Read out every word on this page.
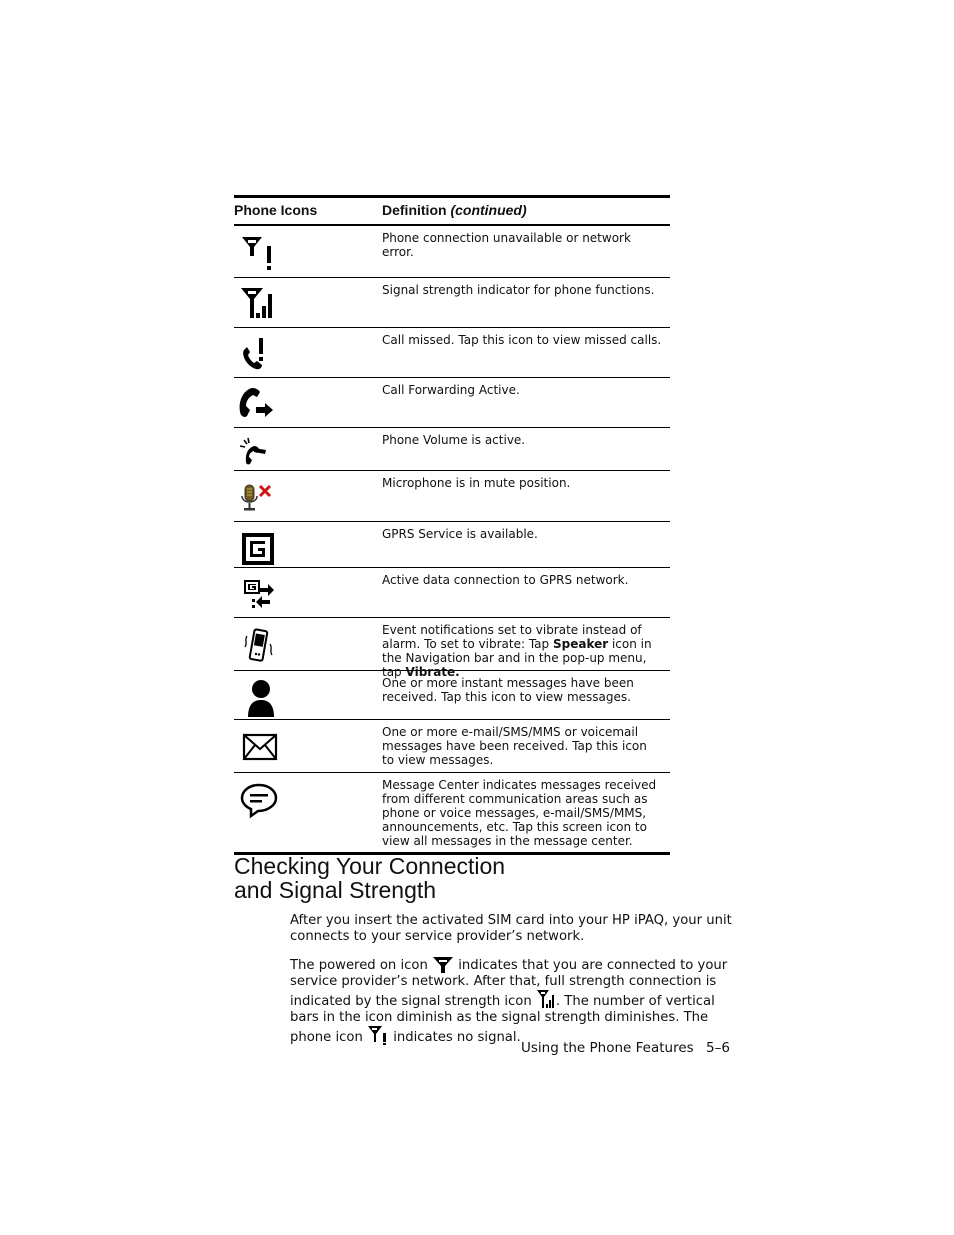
Phone Icons	Definition (continued)
Phone connection unavailable or network error.
Signal strength indicator for phone functions.
Call missed. Tap this icon to view missed calls.
Call Forwarding Active.
Phone Volume is active.
Microphone is in mute position.
GPRS Service is available.
Active data connection to GPRS network.
Event notifications set to vibrate instead of alarm. To set to vibrate: Tap Speaker icon in the Navigation bar and in the pop-up menu, tap Vibrate.
One or more instant messages have been received. Tap this icon to view messages.
One or more e-mail/SMS/MMS or voicemail messages have been received. Tap this icon to view messages.
Message Center indicates messages received from different communication areas such as phone or voice messages, e-mail/SMS/MMS, announcements, etc. Tap this screen icon to view all messages in the message center.
Checking Your Connection
and Signal Strength

After you insert the activated SIM card into your HP iPAQ, your unit connects to your service provider’s network.

The powered on icon  indicates that you are connected to your service provider’s network. After that, full strength connection is indicated by the signal strength icon . The number of vertical bars in the icon diminish as the signal strength diminishes. The phone icon  indicates no signal.

Using the Phone Features 5–6
